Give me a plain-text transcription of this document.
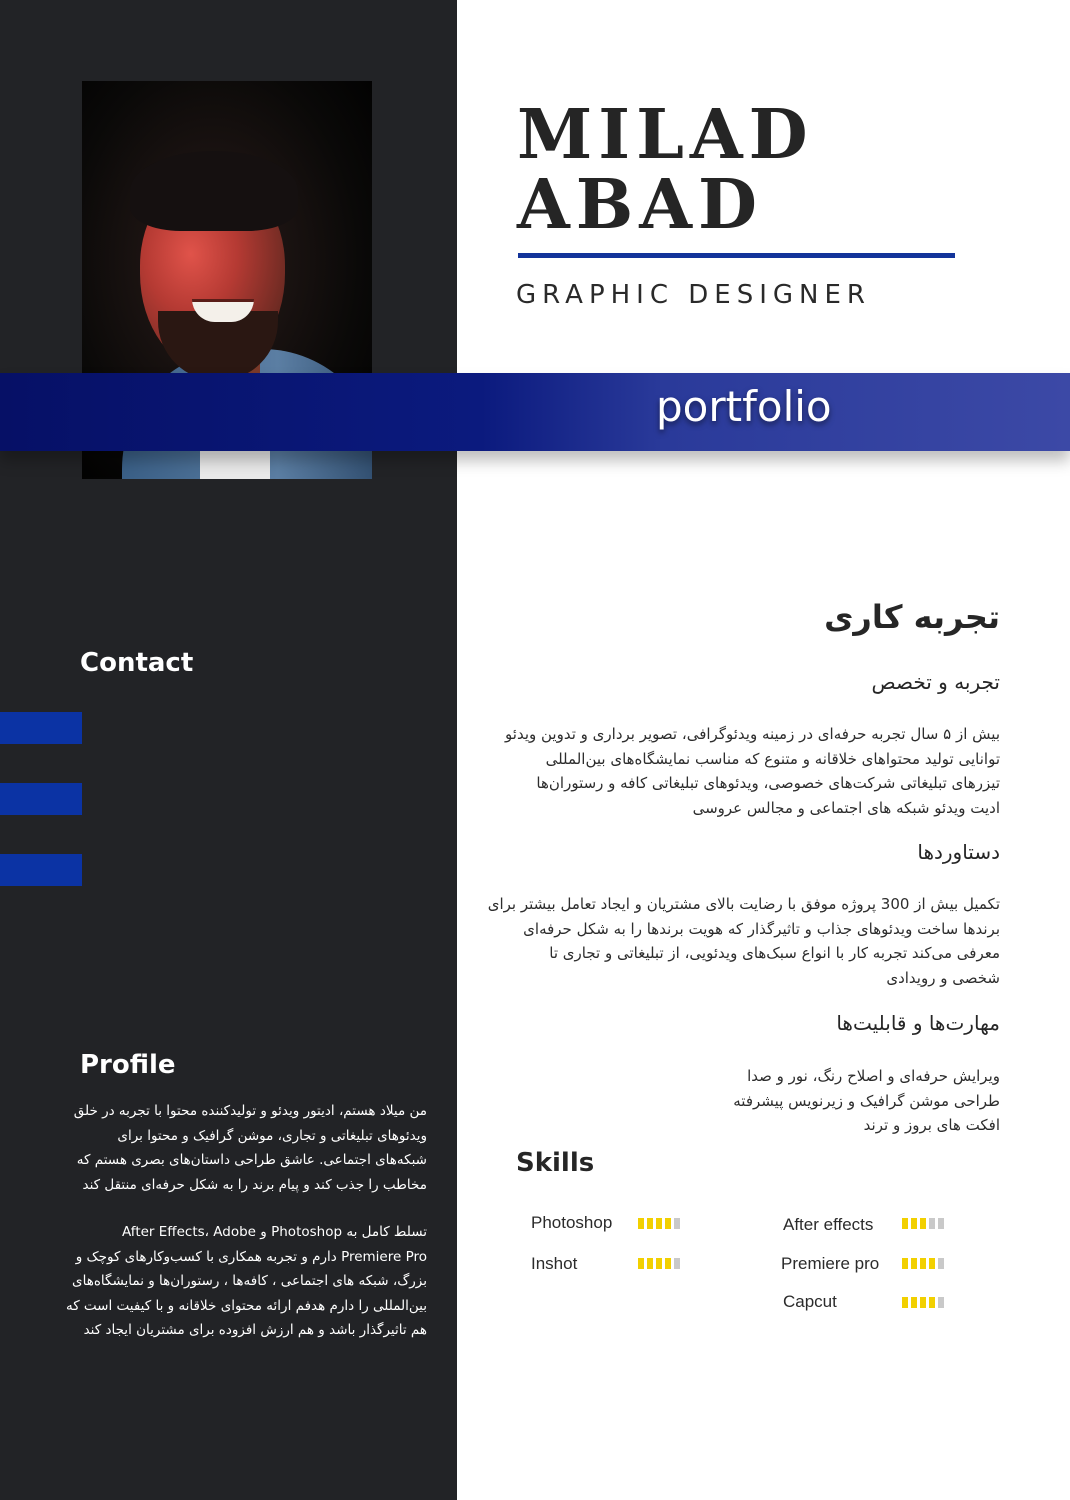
MILAD
ABAD
GRAPHIC DESIGNER
portfolio
Contact
Profile

من میلاد هستم، ادیتور ویدئو و تولیدکننده محتوا با تجربه در خلق ویدئوهای تبلیغاتی و تجاری، موشن گرافیک و محتوا برای شبکه‌های اجتماعی. عاشق طراحی داستان‌های بصری هستم که مخاطب را جذب کند و پیام برند را به شکل حرفه‌ای منتقل کند

تسلط کامل به Photoshop و After Effects، Adobe Premiere Pro دارم و تجربه همکاری با کسب‌وکارهای کوچک و بزرگ، شبکه های اجتماعی ، کافه‌ها ، رستوران‌ها و نمایشگاه‌های بین‌المللی را دارم هدفم ارائه محتوای خلاقانه و با کیفیت است که هم تاثیرگذار باشد و هم ارزش افزوده برای مشتریان ایجاد کند

تجربه کاری
تجربه و تخصص
بیش از ۵ سال تجربه حرفه‌ای در زمینه ویدئوگرافی، تصویر برداری و تدوین ویدئو
توانایی تولید محتواهای خلاقانه و متنوع که مناسب نمایشگاه‌های بین‌المللی
تیزرهای تبلیغاتی شرکت‌های خصوصی، ویدئوهای تبلیغاتی کافه و رستوران‌ها
ادیت ویدئو شبکه های اجتماعی و مجالس عروسی
دستاوردها
تکمیل بیش از 300 پروژه موفق با رضایت بالای مشتریان و ایجاد تعامل بیشتر برای
برندها ساخت ویدئوهای جذاب و تاثیرگذار که هویت برندها را به شکل حرفه‌ای
معرفی می‌کند تجربه کار با انواع سبک‌های ویدئویی، از تبلیغاتی و تجاری تا
شخصی و رویدادی
مهارت‌ها و قابلیت‌ها
ویرایش حرفه‌ای و اصلاح رنگ، نور و صدا
طراحی موشن گرافیک و زیرنویس پیشرفته
افکت های بروز و ترند
Skills
Photoshop	After effects
Inshot	Premiere pro
Capcut
